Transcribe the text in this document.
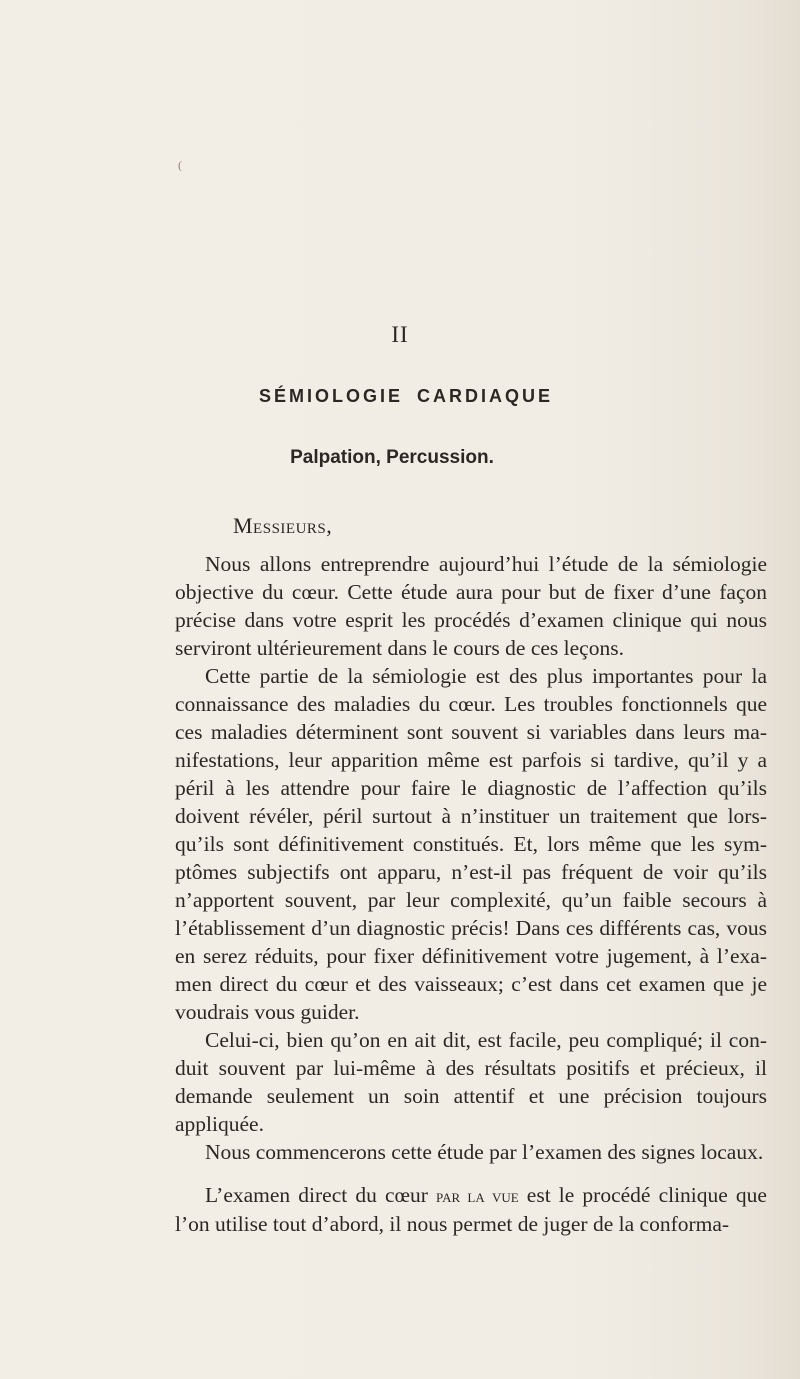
(
II
SÉMIOLOGIE CARDIAQUE
Palpation, Percussion.
Messieurs,

Nous allons entreprendre aujourd’hui l’étude de la sémiologie objective du cœur. Cette étude aura pour but de fixer d’une façon précise dans votre esprit les procédés d’examen clinique qui nous serviront ultérieurement dans le cours de ces leçons.

Cette partie de la sémiologie est des plus importantes pour la connaissance des maladies du cœur. Les troubles fonctionnels que ces maladies déterminent sont souvent si variables dans leurs manifestations, leur apparition même est parfois si tardive, qu’il y a péril à les attendre pour faire le diagnostic de l’affection qu’ils doivent révéler, péril surtout à n’instituer un traitement que lorsqu’ils sont définitivement constitués. Et, lors même que les symptômes subjectifs ont apparu, n’est-il pas fréquent de voir qu’ils n’apportent souvent, par leur complexité, qu’un faible secours à l’établissement d’un diagnostic précis! Dans ces différents cas, vous en serez réduits, pour fixer définitivement votre jugement, à l’examen direct du cœur et des vaisseaux; c’est dans cet examen que je voudrais vous guider.

Celui-ci, bien qu’on en ait dit, est facile, peu compliqué; il conduit souvent par lui-même à des résultats positifs et précieux, il demande seulement un soin attentif et une précision toujours appliquée.

Nous commencerons cette étude par l’examen des signes locaux.

L’examen direct du cœur par la vue est le procédé clinique que l’on utilise tout d’abord, il nous permet de juger de la conforma-
